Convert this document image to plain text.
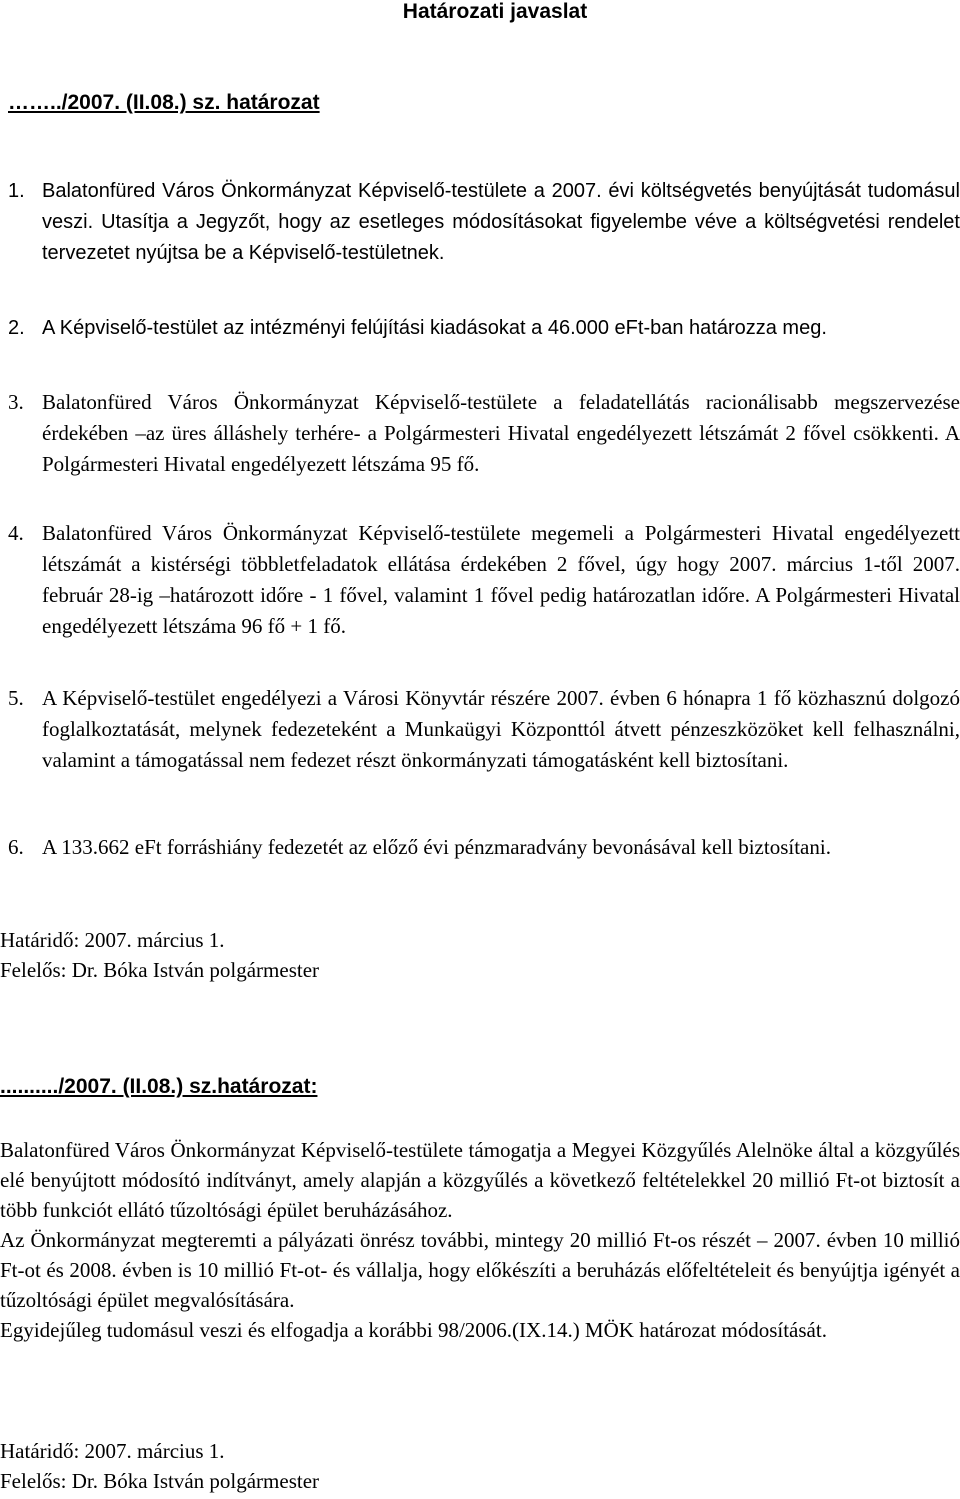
Határozati javaslat
……../2007. (II.08.) sz. határozat
1. Balatonfüred Város Önkormányzat Képviselő-testülete a 2007. évi költségvetés benyújtását tudomásul veszi. Utasítja a Jegyzőt, hogy az esetleges módosításokat figyelembe véve a költségvetési rendelet tervezetet nyújtsa be a Képviselő-testületnek.
2. A Képviselő-testület az intézményi felújítási kiadásokat a 46.000 eFt-ban határozza meg.
3. Balatonfüred Város Önkormányzat Képviselő-testülete a feladatellátás racionálisabb megszervezése érdekében –az üres álláshely terhére- a Polgármesteri Hivatal engedélyezett létszámát 2 fővel csökkenti. A Polgármesteri Hivatal engedélyezett létszáma 95 fő.
4. Balatonfüred Város Önkormányzat Képviselő-testülete megemeli a Polgármesteri Hivatal engedélyezett létszámát a kistérségi többletfeladatok ellátása érdekében 2 fővel, úgy hogy 2007. március 1-től 2007. február 28-ig –határozott időre - 1 fővel, valamint 1 fővel pedig határozatlan időre. A Polgármesteri Hivatal engedélyezett létszáma 96 fő + 1 fő.
5. A Képviselő-testület engedélyezi a Városi Könyvtár részére 2007. évben 6 hónapra 1 fő közhasznú dolgozó foglalkoztatását, melynek fedezeteként a Munkaügyi Központtól átvett pénzeszközöket kell felhasználni, valamint a támogatással nem fedezet részt önkormányzati támogatásként kell biztosítani.
6. A 133.662 eFt forráshiány fedezetét az előző évi pénzmaradvány bevonásával kell biztosítani.
Határidő: 2007. március 1.
Felelős: Dr. Bóka István polgármester
........../2007. (II.08.) sz.határozat:

Balatonfüred Város Önkormányzat Képviselő-testülete támogatja a Megyei Közgyűlés Alelnöke által a közgyűlés elé benyújtott módosító indítványt, amely alapján a közgyűlés a következő feltételekkel 20 millió Ft-ot biztosít a több funkciót ellátó tűzoltósági épület beruházásához.

Az Önkormányzat megteremti a pályázati önrész további, mintegy 20 millió Ft-os részét – 2007. évben 10 millió Ft-ot és 2008. évben is 10 millió Ft-ot- és vállalja, hogy előkészíti a beruházás előfeltételeit és benyújtja igényét a tűzoltósági épület megvalósítására.

Egyidejűleg tudomásul veszi és elfogadja a korábbi 98/2006.(IX.14.) MÖK határozat módosítását.

Határidő: 2007. március 1.
Felelős: Dr. Bóka István polgármester
